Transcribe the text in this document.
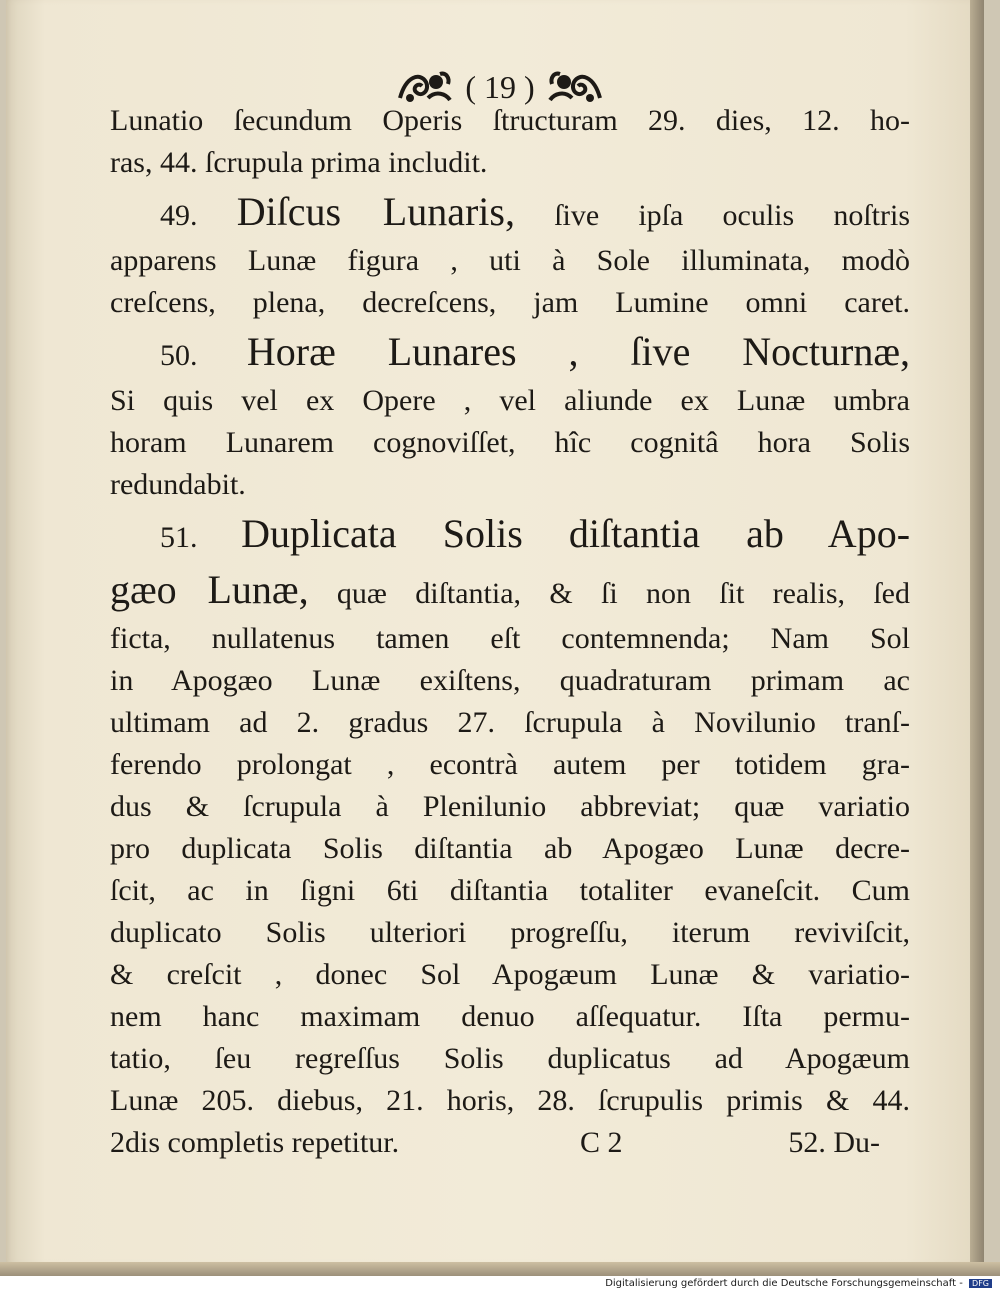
( 19 )
Lunatio ſecundum Operis ſtructuram 29. dies, 12. ho-
ras, 44. ſcrupula prima includit.
49. Diſcus Lunaris, ſive ipſa oculis noſtris
apparens Lunæ figura , uti à Sole illuminata, modò
creſcens, plena, decreſcens, jam Lumine omni caret.
50. Horæ Lunares , ſive Nocturnæ,
Si quis vel ex Opere , vel aliunde ex Lunæ umbra
horam Lunarem cognoviſſet, hîc cognitâ hora Solis
redundabit.
51. Duplicata Solis diſtantia ab Apo-
gæo Lunæ, quæ diſtantia, & ſi non ſit realis, ſed
ficta, nullatenus tamen eſt contemnenda; Nam Sol
in Apogæo Lunæ exiſtens, quadraturam primam ac
ultimam ad 2. gradus 27. ſcrupula à Novilunio tranſ-
ferendo prolongat , econtrà autem per totidem gra-
dus & ſcrupula à Plenilunio abbreviat; quæ variatio
pro duplicata Solis diſtantia ab Apogæo Lunæ decre-
ſcit, ac in ſigni 6ti diſtantia totaliter evaneſcit. Cum
duplicato Solis ulteriori progreſſu, iterum reviviſcit,
& creſcit , donec Sol Apogæum Lunæ & variatio-
nem hanc maximam denuo aſſequatur. Iſta permu-
tatio, ſeu regreſſus Solis duplicatus ad Apogæum
Lunæ 205. diebus, 21. horis, 28. ſcrupulis primis & 44.
2dis completis repetitur.	C 2	52. Du-
Digitalisierung gefördert durch die Deutsche Forschungsgemeinschaft - DFG
